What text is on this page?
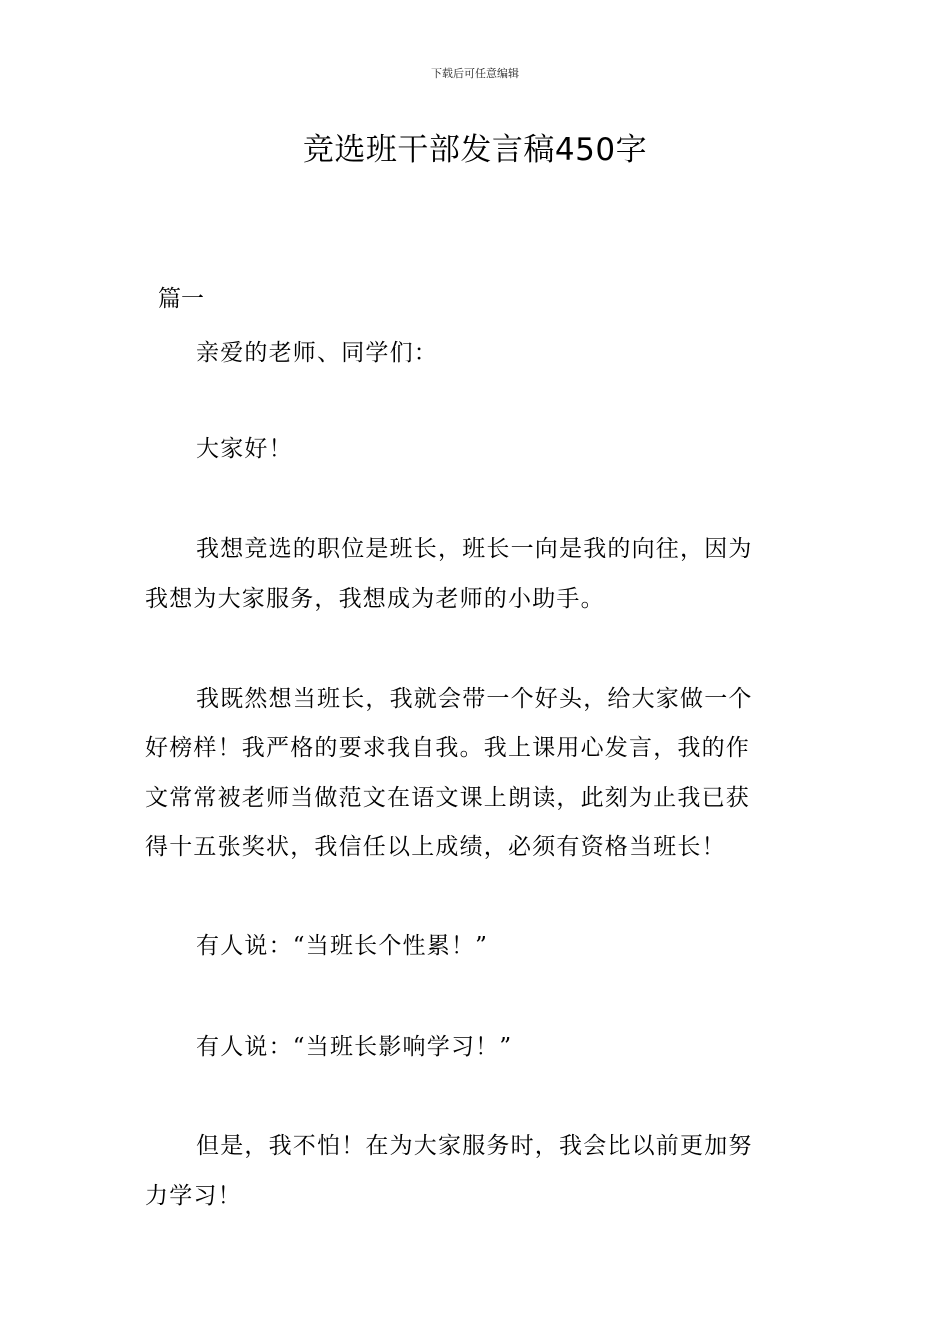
下载后可任意编辑
竞选班干部发言稿450字
篇一
亲爱的老师、同学们：
大家好！
我想竞选的职位是班长，班长一向是我的向往，因为
我想为大家服务，我想成为老师的小助手。
我既然想当班长，我就会带一个好头，给大家做一个
好榜样！我严格的要求我自我。我上课用心发言，我的作
文常常被老师当做范文在语文课上朗读，此刻为止我已获
得十五张奖状，我信任以上成绩，必须有资格当班长！
有人说：“当班长个性累！”
有人说：“当班长影响学习！”
但是，我不怕！在为大家服务时，我会比以前更加努
力学习！
